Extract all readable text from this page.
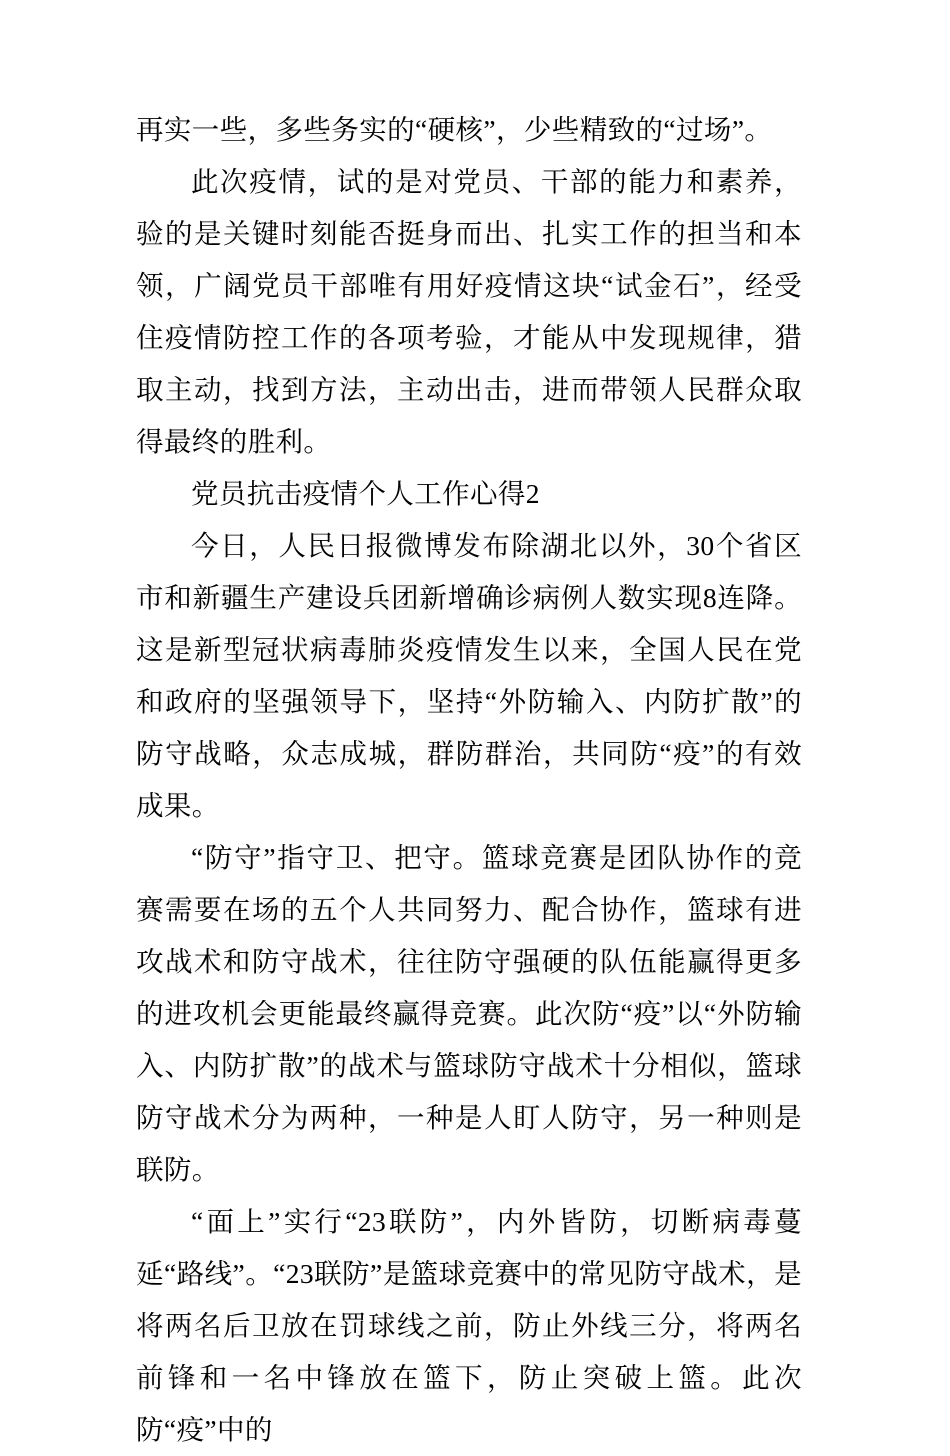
再实一些，多些务实的“硬核”，少些精致的“过场”。

此次疫情，试的是对党员、干部的能力和素养，验的是关键时刻能否挺身而出、扎实工作的担当和本领，广阔党员干部唯有用好疫情这块“试金石”，经受住疫情防控工作的各项考验，才能从中发现规律，猎取主动，找到方法，主动出击，进而带领人民群众取得最终的胜利。

党员抗击疫情个人工作心得2

今日，人民日报微博发布除湖北以外，30个省区市和新疆生产建设兵团新增确诊病例人数实现8连降。这是新型冠状病毒肺炎疫情发生以来，全国人民在党和政府的坚强领导下，坚持“外防输入、内防扩散”的防守战略，众志成城，群防群治，共同防“疫”的有效成果。

“防守”指守卫、把守。篮球竞赛是团队协作的竞赛需要在场的五个人共同努力、配合协作，篮球有进攻战术和防守战术，往往防守强硬的队伍能赢得更多的进攻机会更能最终赢得竞赛。此次防“疫”以“外防输入、内防扩散”的战术与篮球防守战术十分相似，篮球防守战术分为两种，一种是人盯人防守，另一种则是联防。

“面上”实行“23联防”，内外皆防，切断病毒蔓延“路线”。“23联防”是篮球竞赛中的常见防守战术，是将两名后卫放在罚球线之前，防止外线三分，将两名前锋和一名中锋放在篮下，防止突破上篮。此次防“疫”中的
